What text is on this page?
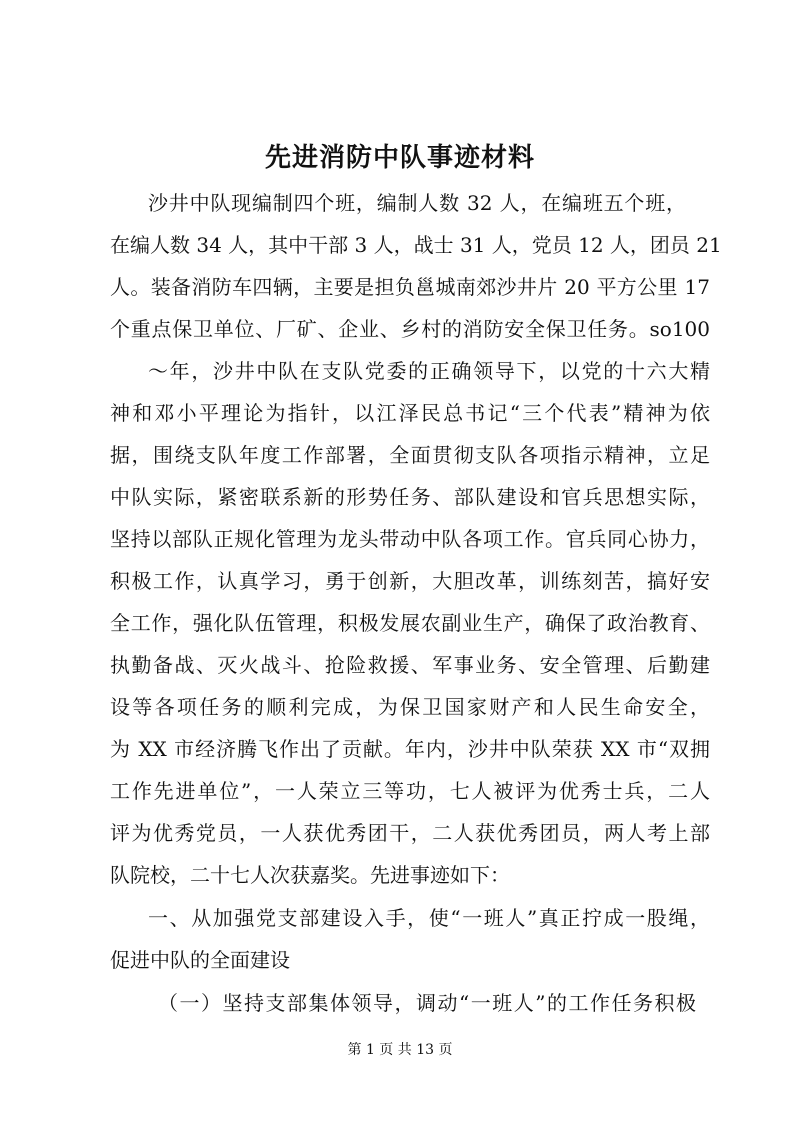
先进消防中队事迹材料
沙井中队现编制四个班，编制人数 32 人，在编班五个班，
在编人数 34 人，其中干部 3 人，战士 31 人，党员 12 人，团员 21
人。装备消防车四辆，主要是担负邕城南郊沙井片 20 平方公里 17
个重点保卫单位、厂矿、企业、乡村的消防安全保卫任务。so100
～年，沙井中队在支队党委的正确领导下，以党的十六大精
神和邓小平理论为指针，以江泽民总书记“三个代表”精神为依
据，围绕支队年度工作部署，全面贯彻支队各项指示精神，立足
中队实际，紧密联系新的形势任务、部队建设和官兵思想实际，
坚持以部队正规化管理为龙头带动中队各项工作。官兵同心协力，
积极工作，认真学习，勇于创新，大胆改革，训练刻苦，搞好安
全工作，强化队伍管理，积极发展农副业生产，确保了政治教育、
执勤备战、灭火战斗、抢险救援、军事业务、安全管理、后勤建
设等各项任务的顺利完成，为保卫国家财产和人民生命安全，
为 XX 市经济腾飞作出了贡献。年内，沙井中队荣获 XX 市“双拥
工作先进单位”，一人荣立三等功，七人被评为优秀士兵，二人
评为优秀党员，一人获优秀团干，二人获优秀团员，两人考上部
队院校，二十七人次获嘉奖。先进事迹如下：
一、从加强党支部建设入手，使“一班人”真正拧成一股绳，
促进中队的全面建设
（一）坚持支部集体领导，调动“一班人”的工作任务积极
第 1 页 共 13 页
